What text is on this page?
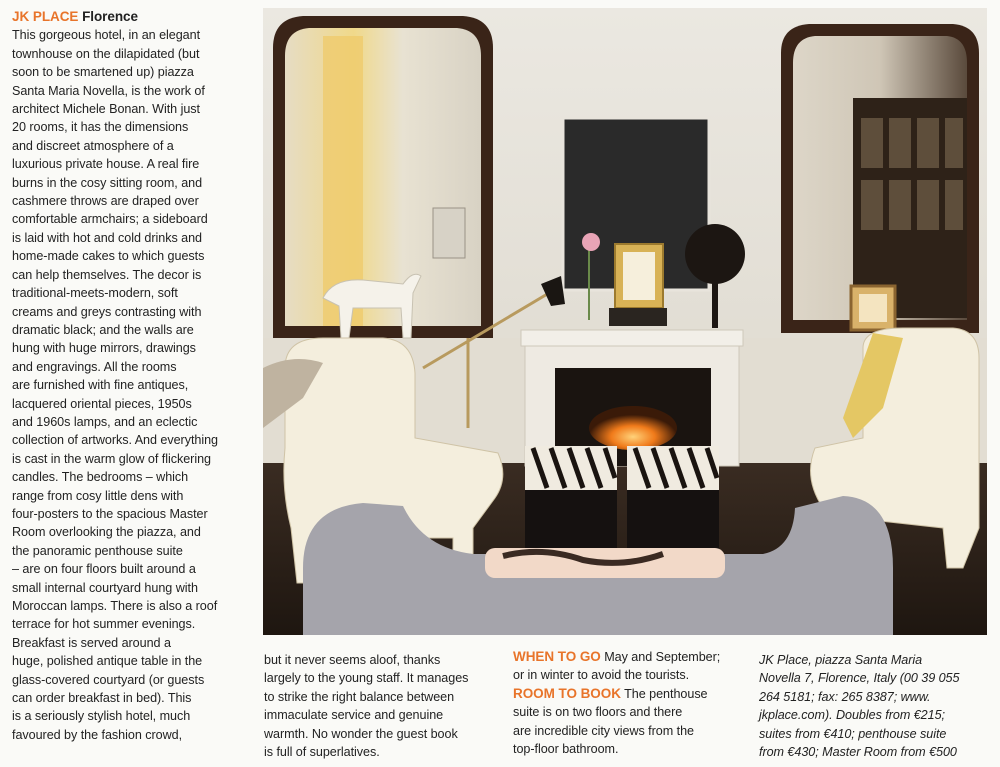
JK PLACE Florence
This gorgeous hotel, in an elegant
townhouse on the dilapidated (but
soon to be smartened up) piazza
Santa Maria Novella, is the work of
architect Michele Bonan. With just
20 rooms, it has the dimensions
and discreet atmosphere of a
luxurious private house. A real fire
burns in the cosy sitting room, and
cashmere throws are draped over
comfortable armchairs; a sideboard
is laid with hot and cold drinks and
home-made cakes to which guests
can help themselves. The decor is
traditional-meets-modern, soft
creams and greys contrasting with
dramatic black; and the walls are
hung with huge mirrors, drawings
and engravings. All the rooms
are furnished with fine antiques,
lacquered oriental pieces, 1950s
and 1960s lamps, and an eclectic
collection of artworks. And everything
is cast in the warm glow of flickering
candles. The bedrooms – which
range from cosy little dens with
four-posters to the spacious Master
Room overlooking the piazza, and
the panoramic penthouse suite
– are on four floors built around a
small internal courtyard hung with
Moroccan lamps. There is also a roof
terrace for hot summer evenings.
Breakfast is served around a
huge, polished antique table in the
glass-covered courtyard (or guests
can order breakfast in bed). This
is a seriously stylish hotel, much
favoured by the fashion crowd,
but it never seems aloof, thanks
largely to the young staff. It manages
to strike the right balance between
immaculate service and genuine
warmth. No wonder the guest book
is full of superlatives.
WHEN TO GO May and September;
or in winter to avoid the tourists.
ROOM TO BOOK The penthouse
suite is on two floors and there
are incredible city views from the
top-floor bathroom.
JK Place, piazza Santa Maria
Novella 7, Florence, Italy (00 39 055
264 5181; fax: 265 8387; www.
jkplace.com). Doubles from €215;
suites from €410; penthouse suite
from €430; Master Room from €500
